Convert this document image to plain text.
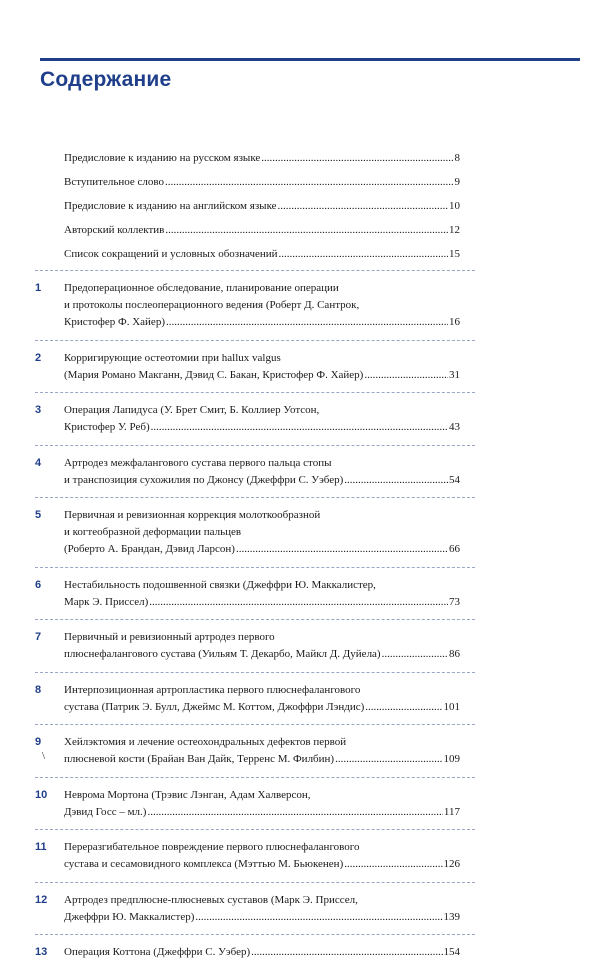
Содержание
Предисловие к изданию на русском языке .....	8
Вступительное слово .....	9
Предисловие к изданию на английском языке .....	10
Авторский коллектив .....	12
Список сокращений и условных обозначений .....	15
1	Предоперационное обследование, планирование операции
и протоколы послеоперационного ведения (Роберт Д. Сантрок,
Кристофер Ф. Хайер) .....	16
2	Корригирующие остеотомии при hallux valgus
(Мария Романо Макганн, Дэвид С. Бакан, Кристофер Ф. Хайер) .....	31
3	Операция Лапидуса (У. Брет Смит, Б. Коллиер Уотсон,
Кристофер У. Реб) .....	43
4	Артродез межфалангового сустава первого пальца стопы
и транспозиция сухожилия по Джонсу (Джеффри С. Уэбер) .....	54
5	Первичная и ревизионная коррекция молоткообразной
и когтеобразной деформации пальцев
(Роберто А. Брандан, Дэвид Ларсон) .....	66
6	Нестабильность подошвенной связки (Джеффри Ю. Маккалистер,
Марк Э. Приссел) .....	73
7	Первичный и ревизионный артродез первого
плюснефалангового сустава (Уильям Т. Декарбо, Майкл Д. Дуйела) .....	86
8	Интерпозиционная артропластика первого плюснефалангового
сустава (Патрик Э. Булл, Джеймс М. Коттом, Джоффри Лэндис) .....	101
9	Хейлэктомия и лечение остеохондральных дефектов первой
плюсневой кости (Брайан Ван Дайк, Терренс М. Филбин) .....	109
\
10	Неврома Мортона (Трэвис Лэнган, Адам Халверсон,
Дэвид Госс – мл.) .....	117
11	Переразгибательное повреждение первого плюснефалангового
сустава и сесамовидного комплекса (Мэттью М. Бьюкенен) .....	126
12	Артродез предплюсне-плюсневых суставов (Марк Э. Приссел,
Джеффри Ю. Маккалистер) .....	139
13	Операция Коттона (Джеффри С. Уэбер) .....	154
